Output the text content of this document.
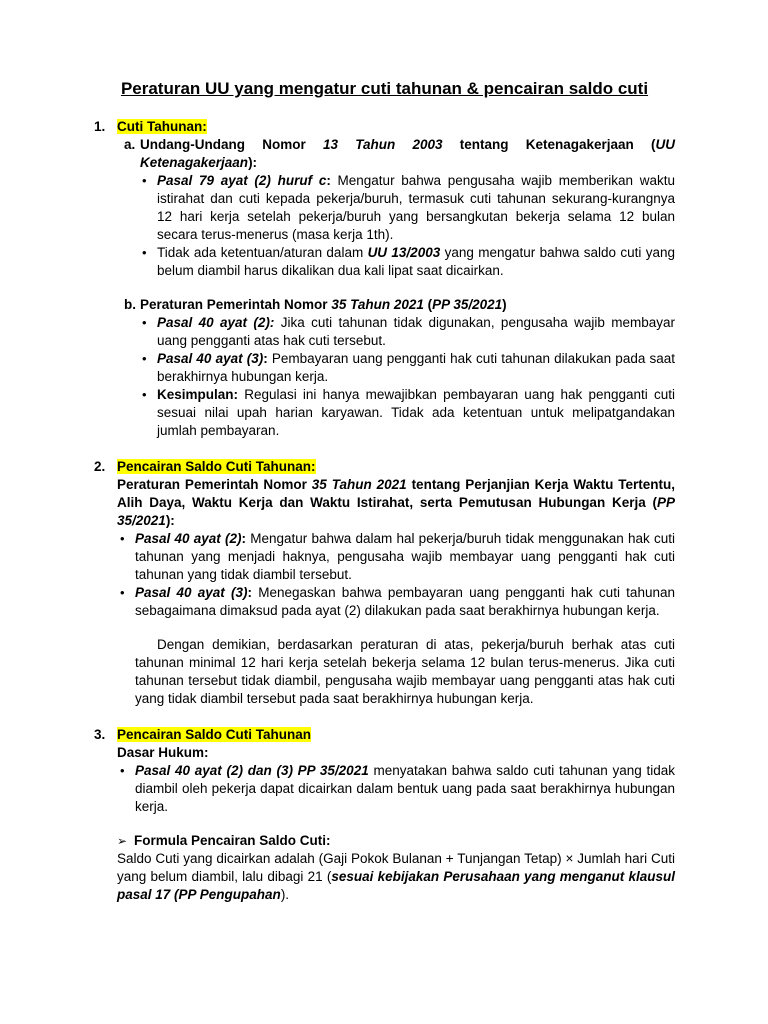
Peraturan UU yang mengatur cuti tahunan & pencairan saldo cuti
1. Cuti Tahunan:
a. Undang-Undang Nomor 13 Tahun 2003 tentang Ketenagakerjaan (UU Ketenagakerjaan):
• Pasal 79 ayat (2) huruf c: Mengatur bahwa pengusaha wajib memberikan waktu istirahat dan cuti kepada pekerja/buruh, termasuk cuti tahunan sekurang-kurangnya 12 hari kerja setelah pekerja/buruh yang bersangkutan bekerja selama 12 bulan secara terus-menerus (masa kerja 1th).
• Tidak ada ketentuan/aturan dalam UU 13/2003 yang mengatur bahwa saldo cuti yang belum diambil harus dikalikan dua kali lipat saat dicairkan.
b. Peraturan Pemerintah Nomor 35 Tahun 2021 (PP 35/2021)
• Pasal 40 ayat (2): Jika cuti tahunan tidak digunakan, pengusaha wajib membayar uang pengganti atas hak cuti tersebut.
• Pasal 40 ayat (3): Pembayaran uang pengganti hak cuti tahunan dilakukan pada saat berakhirnya hubungan kerja.
• Kesimpulan: Regulasi ini hanya mewajibkan pembayaran uang hak pengganti cuti sesuai nilai upah harian karyawan. Tidak ada ketentuan untuk melipatgandakan jumlah pembayaran.
2. Pencairan Saldo Cuti Tahunan:

Peraturan Pemerintah Nomor 35 Tahun 2021 tentang Perjanjian Kerja Waktu Tertentu, Alih Daya, Waktu Kerja dan Waktu Istirahat, serta Pemutusan Hubungan Kerja (PP 35/2021):

• Pasal 40 ayat (2): Mengatur bahwa dalam hal pekerja/buruh tidak menggunakan hak cuti tahunan yang menjadi haknya, pengusaha wajib membayar uang pengganti hak cuti tahunan yang tidak diambil tersebut.
• Pasal 40 ayat (3): Menegaskan bahwa pembayaran uang pengganti hak cuti tahunan sebagaimana dimaksud pada ayat (2) dilakukan pada saat berakhirnya hubungan kerja.

Dengan demikian, berdasarkan peraturan di atas, pekerja/buruh berhak atas cuti tahunan minimal 12 hari kerja setelah bekerja selama 12 bulan terus-menerus. Jika cuti tahunan tersebut tidak diambil, pengusaha wajib membayar uang pengganti atas hak cuti yang tidak diambil tersebut pada saat berakhirnya hubungan kerja.

3. Pencairan Saldo Cuti Tahunan
Dasar Hukum:
• Pasal 40 ayat (2) dan (3) PP 35/2021 menyatakan bahwa saldo cuti tahunan yang tidak diambil oleh pekerja dapat dicairkan dalam bentuk uang pada saat berakhirnya hubungan kerja.
➢ Formula Pencairan Saldo Cuti:

Saldo Cuti yang dicairkan adalah (Gaji Pokok Bulanan + Tunjangan Tetap) × Jumlah hari Cuti yang belum diambil, lalu dibagi 21 (sesuai kebijakan Perusahaan yang menganut klausul pasal 17 (PP Pengupahan).
